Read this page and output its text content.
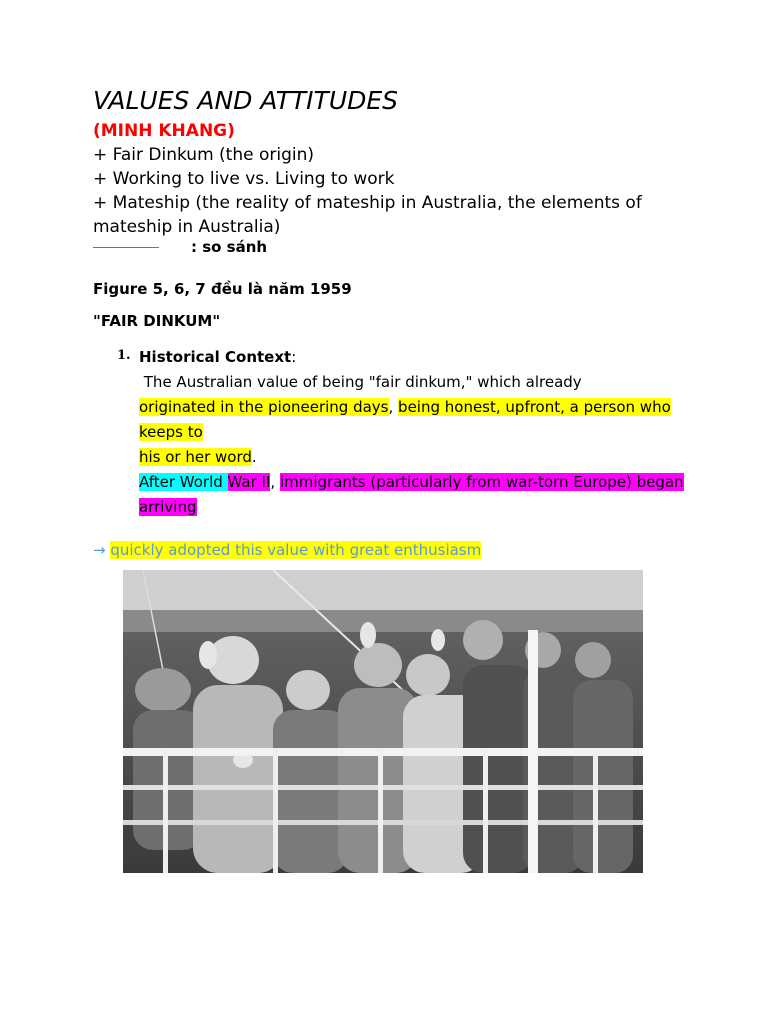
VALUES AND ATTITUDES
(MINH KHANG)
+ Fair Dinkum (the origin)
+ Working to live vs. Living to work
+ Mateship (the reality of mateship in Australia, the elements of mateship in Australia)
: so sánh
Figure 5, 6, 7 đều là năm 1959
"FAIR DINKUM"
1. Historical Context:
The Australian value of being "fair dinkum," which already
originated in the pioneering days, being honest, upfront, a person who keeps to
his or her word.
After World War II, immigrants (particularly from war-torn Europe) began arriving
→ quickly adopted this value with great enthusiasm
